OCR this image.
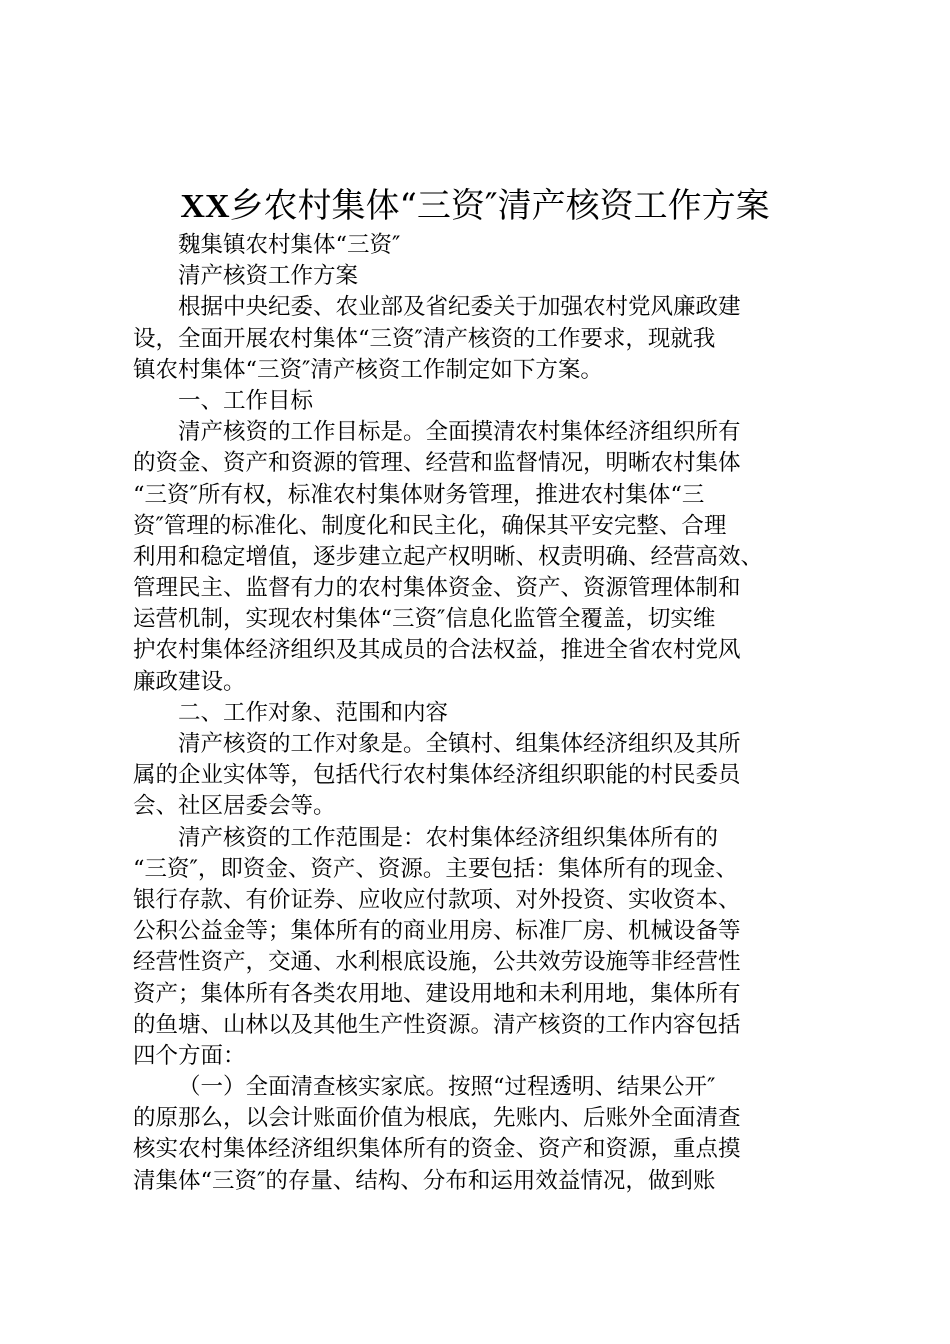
XX乡农村集体“三资″清产核资工作方案
魏集镇农村集体“三资″
清产核资工作方案
根据中央纪委、农业部及省纪委关于加强农村党风廉政建
设，全面开展农村集体“三资″清产核资的工作要求，现就我
镇农村集体“三资″清产核资工作制定如下方案。
一、工作目标
清产核资的工作目标是。全面摸清农村集体经济组织所有
的资金、资产和资源的管理、经营和监督情况，明晰农村集体
“三资″所有权，标准农村集体财务管理，推进农村集体“三
资″管理的标准化、制度化和民主化，确保其平安完整、合理
利用和稳定增值，逐步建立起产权明晰、权责明确、经营高效、
管理民主、监督有力的农村集体资金、资产、资源管理体制和
运营机制，实现农村集体“三资″信息化监管全覆盖，切实维
护农村集体经济组织及其成员的合法权益，推进全省农村党风
廉政建设。
二、工作对象、范围和内容
清产核资的工作对象是。全镇村、组集体经济组织及其所
属的企业实体等，包括代行农村集体经济组织职能的村民委员
会、社区居委会等。
清产核资的工作范围是：农村集体经济组织集体所有的
“三资″，即资金、资产、资源。主要包括：集体所有的现金、
银行存款、有价证券、应收应付款项、对外投资、实收资本、
公积公益金等；集体所有的商业用房、标准厂房、机械设备等
经营性资产，交通、水利根底设施，公共效劳设施等非经营性
资产；集体所有各类农用地、建设用地和未利用地，集体所有
的鱼塘、山林以及其他生产性资源。清产核资的工作内容包括
四个方面：
（一）全面清查核实家底。按照“过程透明、结果公开″
的原那么，以会计账面价值为根底，先账内、后账外全面清查
核实农村集体经济组织集体所有的资金、资产和资源，重点摸
清集体“三资″的存量、结构、分布和运用效益情况，做到账
